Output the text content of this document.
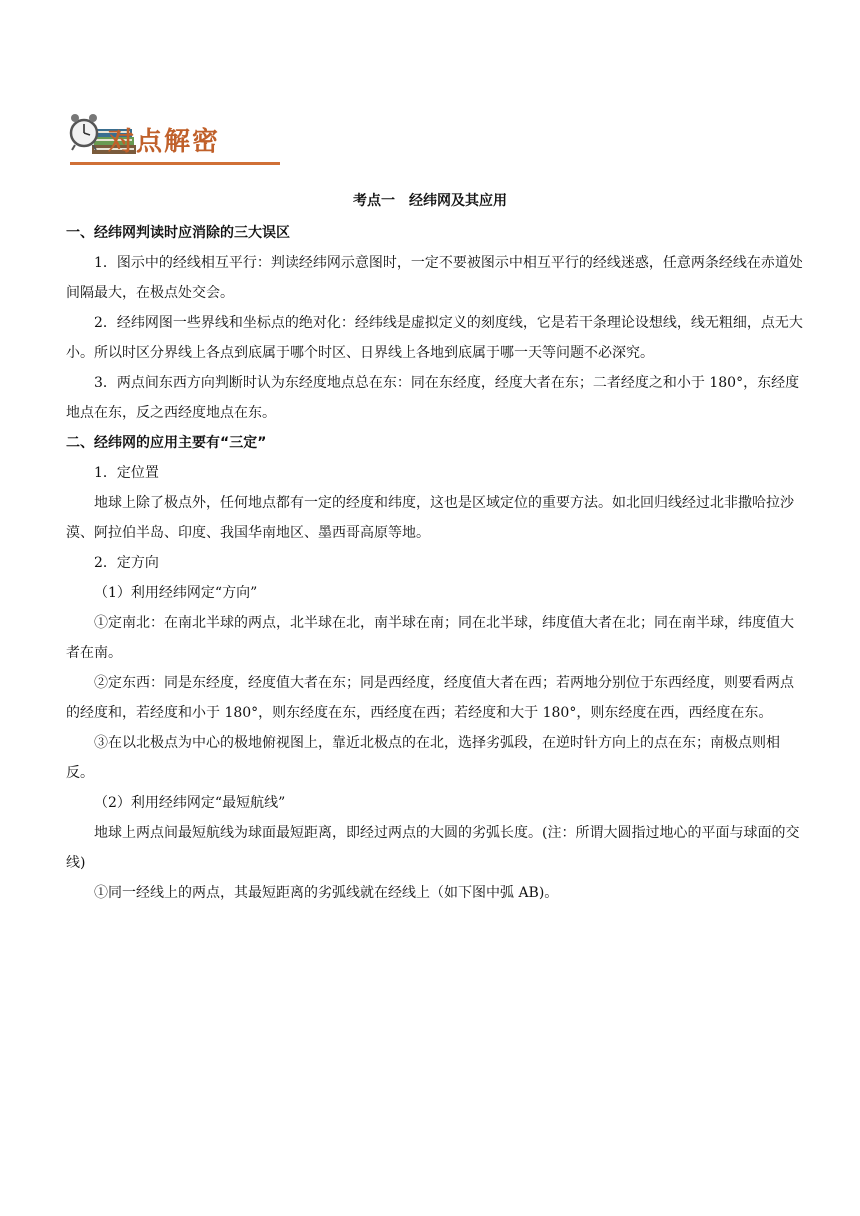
对点解密
考点一 经纬网及其应用

一、经纬网判读时应消除的三大误区

1．图示中的经线相互平行：判读经纬网示意图时，一定不要被图示中相互平行的经线迷惑，任意两条经线在赤道处间隔最大，在极点处交会。

2．经纬网图一些界线和坐标点的绝对化：经纬线是虚拟定义的刻度线，它是若干条理论设想线，线无粗细，点无大小。所以时区分界线上各点到底属于哪个时区、日界线上各地到底属于哪一天等问题不必深究。

3．两点间东西方向判断时认为东经度地点总在东：同在东经度，经度大者在东；二者经度之和小于 180°，东经度地点在东，反之西经度地点在东。

二、经纬网的应用主要有“三定”

1．定位置

地球上除了极点外，任何地点都有一定的经度和纬度，这也是区域定位的重要方法。如北回归线经过北非撒哈拉沙漠、阿拉伯半岛、印度、我国华南地区、墨西哥高原等地。

2．定方向

（1）利用经纬网定“方向”

①定南北：在南北半球的两点，北半球在北，南半球在南；同在北半球，纬度值大者在北；同在南半球，纬度值大者在南。

②定东西：同是东经度，经度值大者在东；同是西经度，经度值大者在西；若两地分别位于东西经度，则要看两点的经度和，若经度和小于 180°，则东经度在东，西经度在西；若经度和大于 180°，则东经度在西，西经度在东。

③在以北极点为中心的极地俯视图上，靠近北极点的在北，选择劣弧段，在逆时针方向上的点在东；南极点则相反。

（2）利用经纬网定“最短航线”

地球上两点间最短航线为球面最短距离，即经过两点的大圆的劣弧长度。(注：所谓大圆指过地心的平面与球面的交线)

①同一经线上的两点，其最短距离的劣弧线就在经线上（如下图中弧 AB)。
